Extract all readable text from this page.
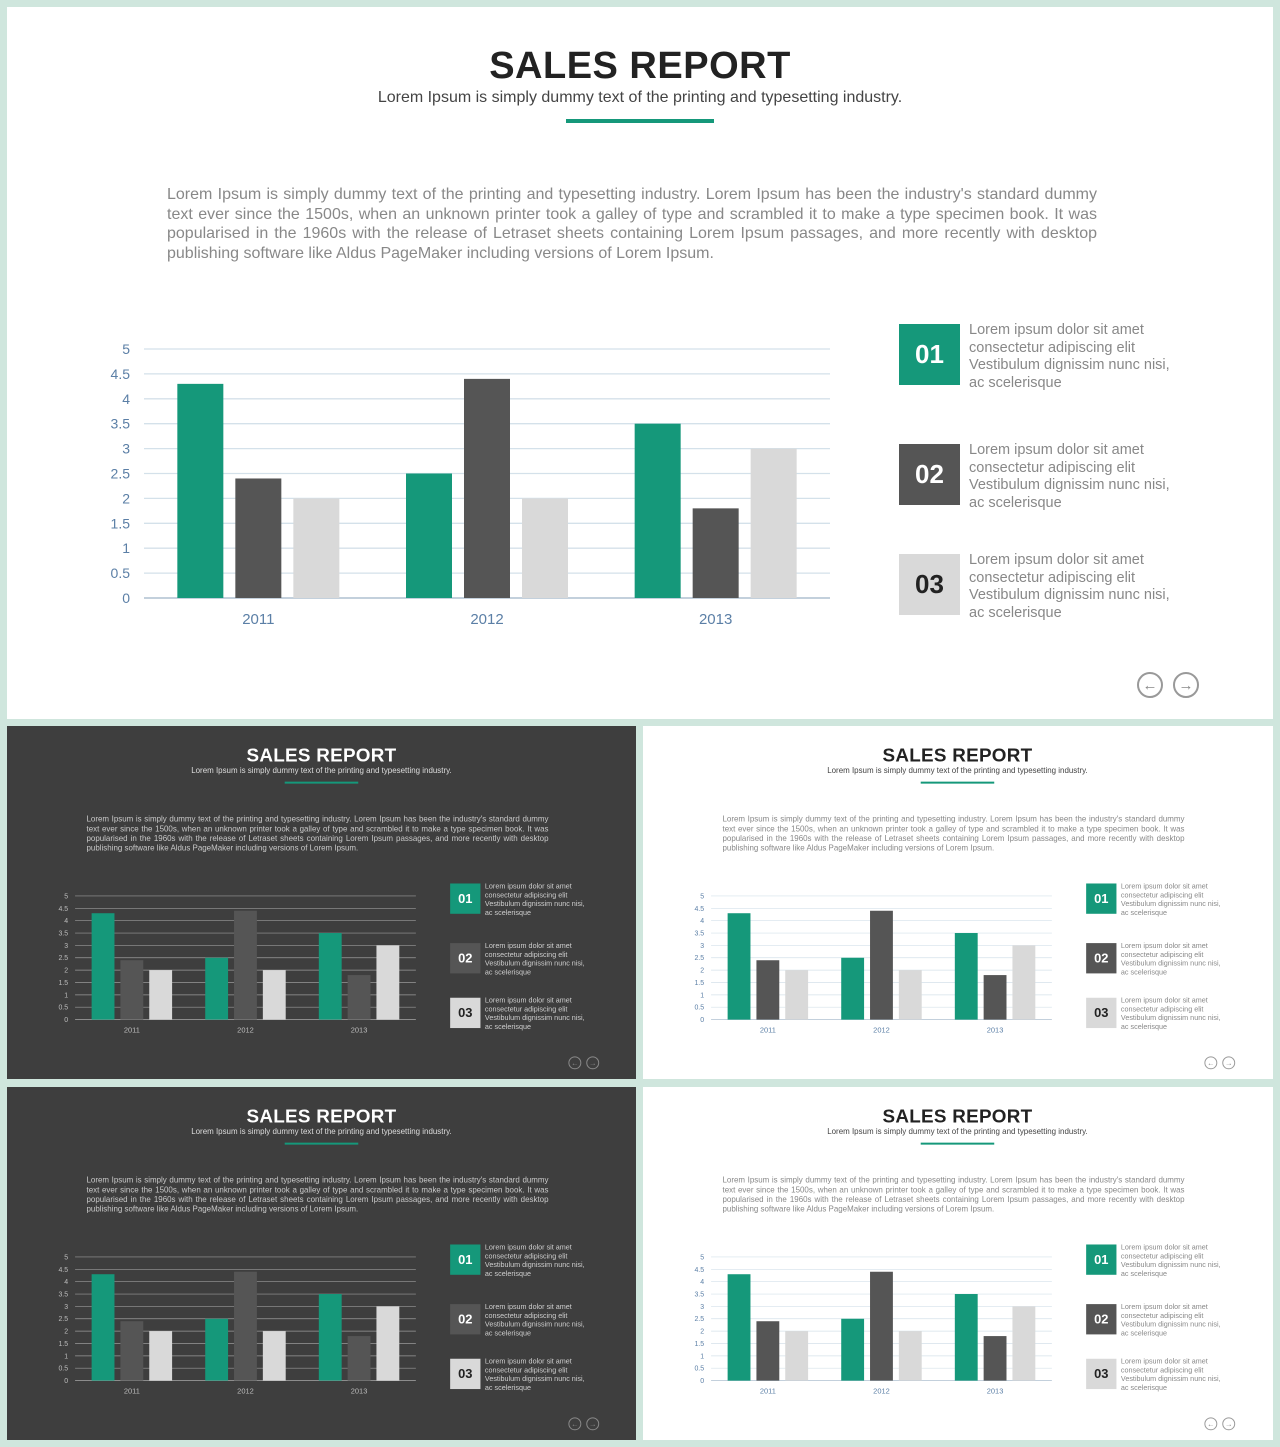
SALES REPORT
Lorem Ipsum is simply dummy text of the printing and typesetting industry.
Lorem Ipsum is simply dummy text of the printing and typesetting industry. Lorem Ipsum has been the industry's standard dummy text ever since the 1500s, when an unknown printer took a galley of type and scrambled it to make a type specimen book. It was popularised in the 1960s with the release of Letraset sheets containing Lorem Ipsum passages, and more recently with desktop publishing software like Aldus PageMaker including versions of Lorem Ipsum.
0
0.5
1
1.5
2
2.5
3
3.5
4
4.5
5
2011	2012	2013
01
Lorem ipsum dolor sit amet consectetur adipiscing elit Vestibulum dignissim nunc nisi, ac scelerisque
02
Lorem ipsum dolor sit amet consectetur adipiscing elit Vestibulum dignissim nunc nisi, ac scelerisque
03
Lorem ipsum dolor sit amet consectetur adipiscing elit Vestibulum dignissim nunc nisi, ac scelerisque
←	→
SALES REPORT
Lorem Ipsum is simply dummy text of the printing and typesetting industry.
Lorem Ipsum is simply dummy text of the printing and typesetting industry. Lorem Ipsum has been the industry's standard dummy text ever since the 1500s, when an unknown printer took a galley of type and scrambled it to make a type specimen book. It was popularised in the 1960s with the release of Letraset sheets containing Lorem Ipsum passages, and more recently with desktop publishing software like Aldus PageMaker including versions of Lorem Ipsum.
0
0.5
1
1.5
2
2.5
3
3.5
4
4.5
5
2011	2012	2013
01
Lorem ipsum dolor sit amet consectetur adipiscing elit Vestibulum dignissim nunc nisi, ac scelerisque
02
Lorem ipsum dolor sit amet consectetur adipiscing elit Vestibulum dignissim nunc nisi, ac scelerisque
03
Lorem ipsum dolor sit amet consectetur adipiscing elit Vestibulum dignissim nunc nisi, ac scelerisque
← →
SALES REPORT
Lorem Ipsum is simply dummy text of the printing and typesetting industry.
Lorem Ipsum is simply dummy text of the printing and typesetting industry. Lorem Ipsum has been the industry's standard dummy text ever since the 1500s, when an unknown printer took a galley of type and scrambled it to make a type specimen book. It was popularised in the 1960s with the release of Letraset sheets containing Lorem Ipsum passages, and more recently with desktop publishing software like Aldus PageMaker including versions of Lorem Ipsum.
0
0.5
1
1.5
2
2.5
3
3.5
4
4.5
5
2011	2012	2013
01
Lorem ipsum dolor sit amet consectetur adipiscing elit Vestibulum dignissim nunc nisi, ac scelerisque
02
Lorem ipsum dolor sit amet consectetur adipiscing elit Vestibulum dignissim nunc nisi, ac scelerisque
03
Lorem ipsum dolor sit amet consectetur adipiscing elit Vestibulum dignissim nunc nisi, ac scelerisque
← →
SALES REPORT
Lorem Ipsum is simply dummy text of the printing and typesetting industry.
Lorem Ipsum is simply dummy text of the printing and typesetting industry. Lorem Ipsum has been the industry's standard dummy text ever since the 1500s, when an unknown printer took a galley of type and scrambled it to make a type specimen book. It was popularised in the 1960s with the release of Letraset sheets containing Lorem Ipsum passages, and more recently with desktop publishing software like Aldus PageMaker including versions of Lorem Ipsum.
0
0.5
1
1.5
2
2.5
3
3.5
4
4.5
5
2011	2012	2013
01
Lorem ipsum dolor sit amet consectetur adipiscing elit Vestibulum dignissim nunc nisi, ac scelerisque
02
Lorem ipsum dolor sit amet consectetur adipiscing elit Vestibulum dignissim nunc nisi, ac scelerisque
03
Lorem ipsum dolor sit amet consectetur adipiscing elit Vestibulum dignissim nunc nisi, ac scelerisque
← →
SALES REPORT
Lorem Ipsum is simply dummy text of the printing and typesetting industry.
Lorem Ipsum is simply dummy text of the printing and typesetting industry. Lorem Ipsum has been the industry's standard dummy text ever since the 1500s, when an unknown printer took a galley of type and scrambled it to make a type specimen book. It was popularised in the 1960s with the release of Letraset sheets containing Lorem Ipsum passages, and more recently with desktop publishing software like Aldus PageMaker including versions of Lorem Ipsum.
0
0.5
1
1.5
2
2.5
3
3.5
4
4.5
5
2011	2012	2013
01
Lorem ipsum dolor sit amet consectetur adipiscing elit Vestibulum dignissim nunc nisi, ac scelerisque
02
Lorem ipsum dolor sit amet consectetur adipiscing elit Vestibulum dignissim nunc nisi, ac scelerisque
03
Lorem ipsum dolor sit amet consectetur adipiscing elit Vestibulum dignissim nunc nisi, ac scelerisque
← →
